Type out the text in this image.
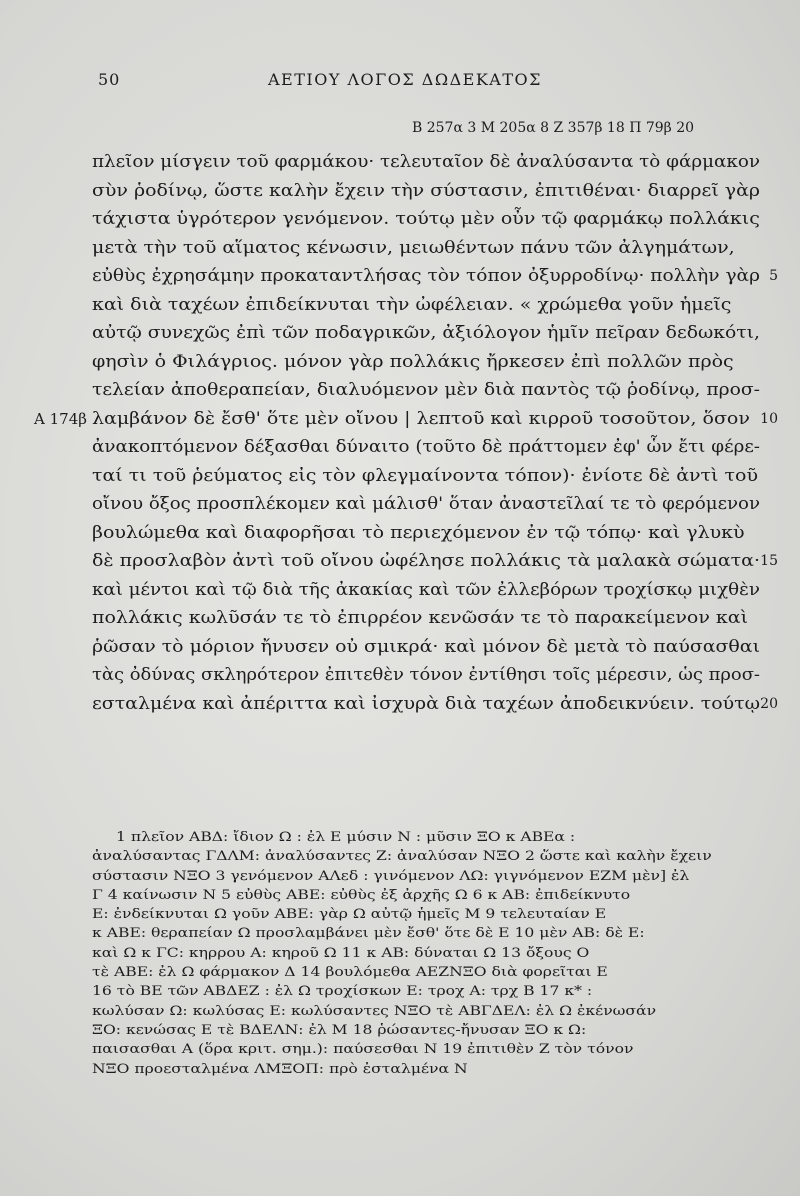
50	ΑΕΤΙΟΥ ΛΟΓΟΣ ΔΩΔΕΚΑΤΟΣ
B 257α 3 M 205α 8 Z 357β 18 Π 79β 20
πλεῖον μίσγειν τοῦ φαρμάκου· τελευταῖον δὲ ἀναλύσαντα τὸ φάρμακον
σὺν ῥοδίνῳ, ὥστε καλὴν ἔχειν τὴν σύστασιν, ἐπιτιθέναι· διαρρεῖ γὰρ
τάχιστα ὑγρότερον γενόμενον. τούτῳ μὲν οὖν τῷ φαρμάκῳ πολλάκις
μετὰ τὴν τοῦ αἵματος κένωσιν, μειωθέντων πάνυ τῶν ἀλγημάτων,
εὐθὺς ἐχρησάμην προκαταντλήσας τὸν τόπον ὀξυρροδίνῳ· πολλὴν γὰρ 5
καὶ διὰ ταχέων ἐπιδείκνυται τὴν ὠφέλειαν. « χρώμεθα γοῦν ἡμεῖς
αὐτῷ συνεχῶς ἐπὶ τῶν ποδαγρικῶν, ἀξιόλογον ἡμῖν πεῖραν δεδωκότι,
φησὶν ὁ Φιλάγριος. μόνον γὰρ πολλάκις ἤρκεσεν ἐπὶ πολλῶν πρὸς
τελείαν ἀποθεραπείαν, διαλυόμενον μὲν διὰ παντὸς τῷ ῥοδίνῳ, προσ-
λαμβάνον δὲ ἔσθ' ὅτε μὲν οἴνου | λεπτοῦ καὶ κιρροῦ τοσοῦτον, ὅσον
A 174β	10
ἀνακοπτόμενον δέξασθαι δύναιτο (τοῦτο δὲ πράττομεν ἐφ' ὧν ἔτι φέρε-
ταί τι τοῦ ῥεύματος εἰς τὸν φλεγμαίνοντα τόπον)· ἐνίοτε δὲ ἀντὶ τοῦ
οἴνου ὄξος προσπλέκομεν καὶ μάλισθ' ὅταν ἀναστεῖλαί τε τὸ φερόμενον
βουλώμεθα καὶ διαφορῆσαι τὸ περιεχόμενον ἐν τῷ τόπῳ· καὶ γλυκὺ
δὲ προσλαβὸν ἀντὶ τοῦ οἴνου ὠφέλησε πολλάκις τὰ μαλακὰ σώματα· 15
καὶ μέντοι καὶ τῷ διὰ τῆς ἀκακίας καὶ τῶν ἐλλεβόρων τροχίσκῳ μιχθὲν
πολλάκις κωλῦσάν τε τὸ ἐπιρρέον κενῶσάν τε τὸ παρακείμενον καὶ
ῥῶσαν τὸ μόριον ἤνυσεν οὐ σμικρά· καὶ μόνον δὲ μετὰ τὸ παύσασθαι
τὰς ὀδύνας σκληρότερον ἐπιτεθὲν τόνον ἐντίθησι τοῖς μέρεσιν, ὡς προσ-
εσταλμένα καὶ ἀπέριττα καὶ ἰσχυρὰ διὰ ταχέων ἀποδεικνύειν. τούτῳ 20
1 πλεῖον ΑΒΔ: ἴδιον Ω : ἐλ Ε μύσιν Ν : μῦσιν ΞΟ κ ΑΒΕα :
ἀναλύσαντας ΓΔΛΜ: ἀναλύσαντες Ζ: ἀναλύσαν ΝΞΟ 2 ὥστε καὶ καλὴν ἔχειν
σύστασιν ΝΞΟ 3 γενόμενον ΑΛεδ : γινόμενον ΛΩ: γιγνόμενον ΕΖΜ μὲν] ἐλ
Γ 4 καίνωσιν Ν 5 εὐθὺς ΑΒΕ: εὐθὺς ἐξ ἀρχῆς Ω 6 κ ΑΒ: ἐπιδείκνυτο
Ε: ἐνδείκνυται Ω γοῦν ΑΒΕ: γὰρ Ω αὐτῷ ἡμεῖς Μ 9 τελευταίαν Ε
κ ΑΒΕ: θεραπείαν Ω προσλαμβάνει μὲν ἔσθ' ὅτε δὲ Ε 10 μὲν ΑΒ: δὲ Ε:
καὶ Ω κ ΓC: κηρρου Α: κηροῦ Ω 11 κ ΑΒ: δύναται Ω 13 ὄξους Ο
τὲ ΑΒΕ: ἐλ Ω φάρμακον Δ 14 βουλόμεθα ΑΕΖΝΞΟ διὰ φορεῖται Ε
16 τὸ ΒΕ τῶν ΑΒΔΕΖ : ἐλ Ω τροχίσκων Ε: τροχ Α: τρχ Β 17 κ* :
κωλύσαν Ω: κωλύσας Ε: κωλύσαντες ΝΞΟ τὲ ΑΒΓΔΕΛ: ἐλ Ω ἐκένωσάν
ΞΟ: κενώσας Ε τὲ ΒΔΕΛΝ: ἐλ Μ 18 ῥώσαντες-ἤνυσαν ΞΟ κ Ω:
παισασθαι Α (ὅρα κριτ. σημ.): παύσεσθαι Ν 19 ἐπιτιθὲν Ζ τὸν τόνον
ΝΞΟ προεσταλμένα ΛΜΞΟΠ: πρὸ ἐσταλμένα Ν
